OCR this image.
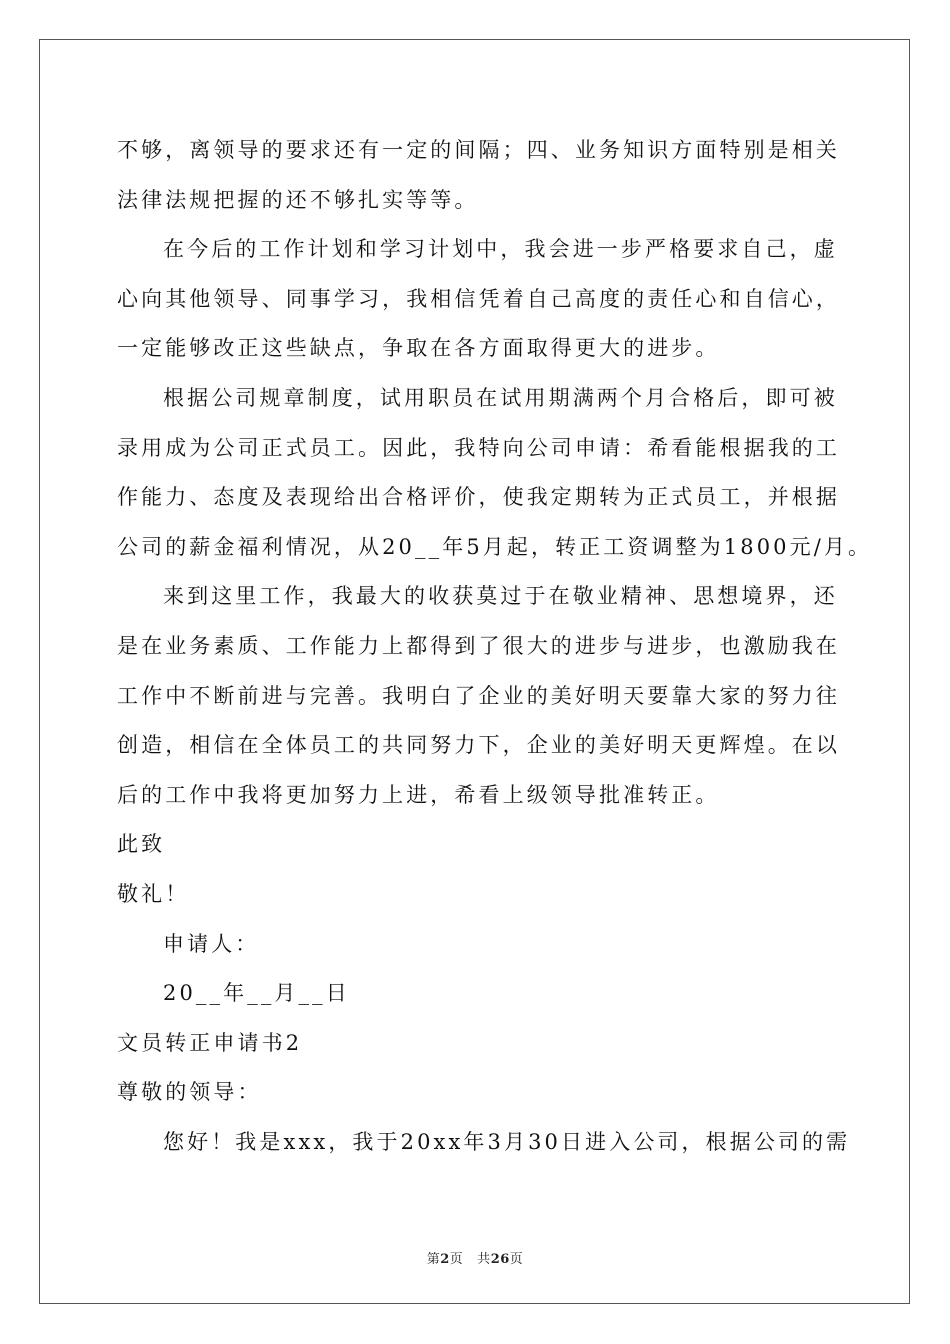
不够，离领导的要求还有一定的间隔；四、业务知识方面特别是相关
法律法规把握的还不够扎实等等。
在今后的工作计划和学习计划中，我会进一步严格要求自己，虚
心向其他领导、同事学习，我相信凭着自己高度的责任心和自信心，
一定能够改正这些缺点，争取在各方面取得更大的进步。
根据公司规章制度，试用职员在试用期满两个月合格后，即可被
录用成为公司正式员工。因此，我特向公司申请：希看能根据我的工
作能力、态度及表现给出合格评价，使我定期转为正式员工，并根据
公司的薪金福利情况，从20__年5月起，转正工资调整为1800元/月。
来到这里工作，我最大的收获莫过于在敬业精神、思想境界，还
是在业务素质、工作能力上都得到了很大的进步与进步，也激励我在
工作中不断前进与完善。我明白了企业的美好明天要靠大家的努力往
创造，相信在全体员工的共同努力下，企业的美好明天更辉煌。在以
后的工作中我将更加努力上进，希看上级领导批准转正。
此致
敬礼！
申请人：
20__年__月__日
文员转正申请书2
尊敬的领导：
您好！我是xxx，我于20xx年3月30日进入公司，根据公司的需
第2页 共26页
